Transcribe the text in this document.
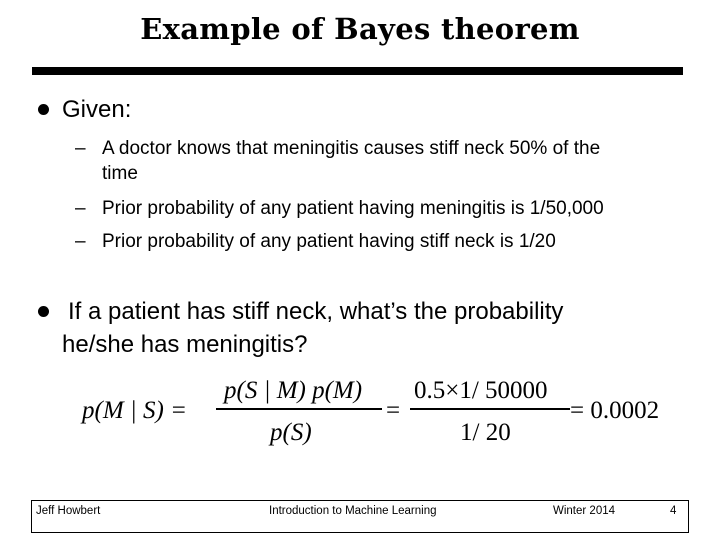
Example of Bayes theorem
Given:
– A doctor knows that meningitis causes stiff neck 50% of the
time
– Prior probability of any patient having meningitis is 1/50,000
– Prior probability of any patient having stiff neck is 1/20
If a patient has stiff neck, what’s the probability
he/she has meningitis?
p(M | S) =
p(S | M) p(M)
p(S)
=
0.5×1/ 50000
1/ 20
= 0.0002
Jeff Howbert	Introduction to Machine Learning	Winter 2014	4
